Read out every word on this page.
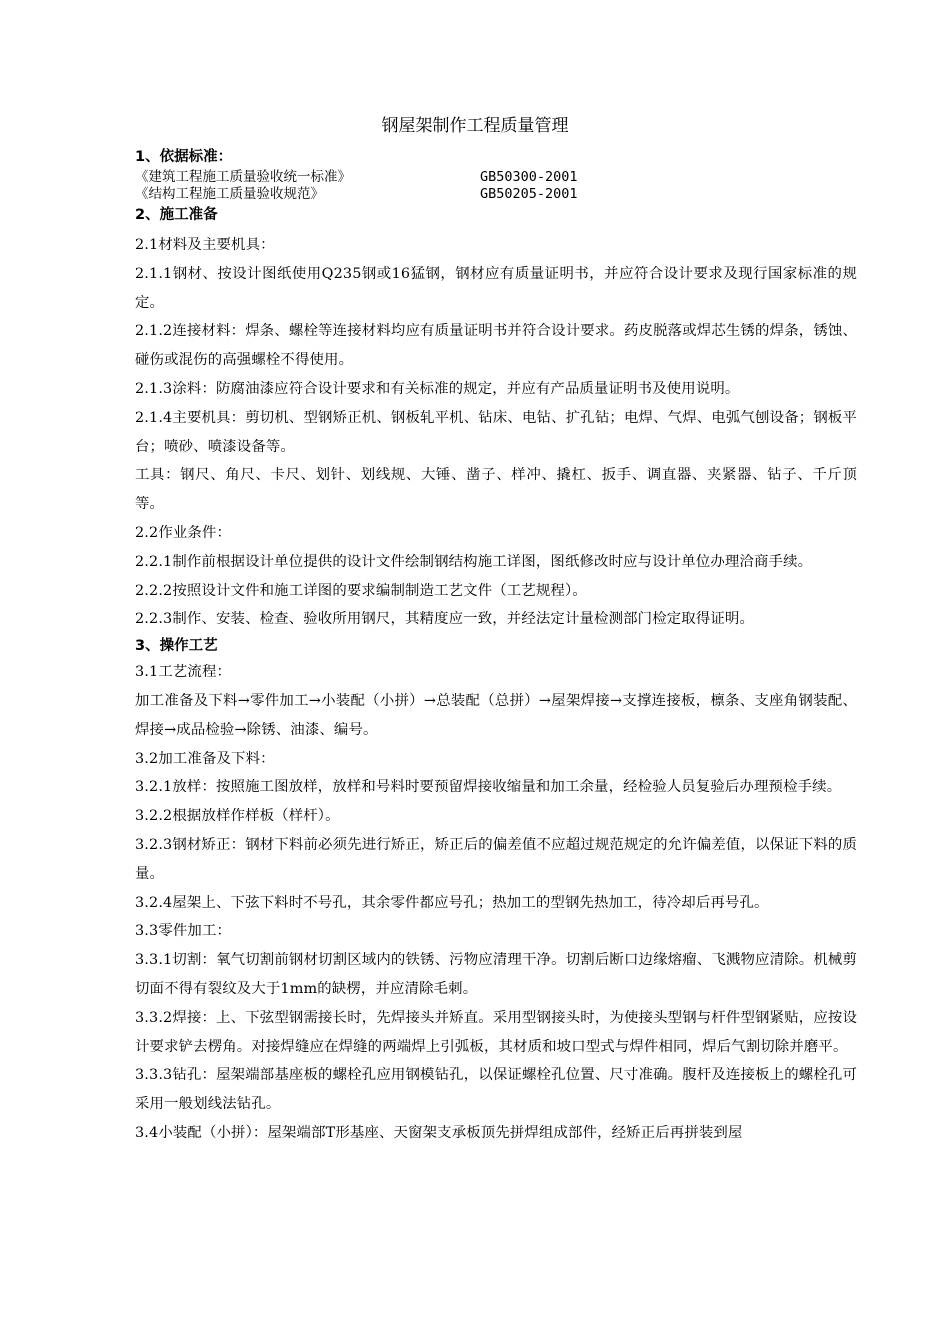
钢屋架制作工程质量管理
1、依据标准：
《建筑工程施工质量验收统一标准》	GB50300-2001
《结构工程施工质量验收规范》	GB50205-2001
2、施工准备

2.1材料及主要机具：

2.1.1钢材、按设计图纸使用Q235钢或16猛钢，钢材应有质量证明书，并应符合设计要求及现行国家标准的规定。

2.1.2连接材料：焊条、螺栓等连接材料均应有质量证明书并符合设计要求。药皮脱落或焊芯生锈的焊条，锈蚀、碰伤或混伤的高强螺栓不得使用。

2.1.3涂料：防腐油漆应符合设计要求和有关标准的规定，并应有产品质量证明书及使用说明。

2.1.4主要机具：剪切机、型钢矫正机、钢板轧平机、钻床、电钻、扩孔钻；电焊、气焊、电弧气刨设备；钢板平台；喷砂、喷漆设备等。

工具：钢尺、角尺、卡尺、划针、划线规、大锤、凿子、样冲、撬杠、扳手、调直器、夹紧器、钻子、千斤顶等。

2.2作业条件：

2.2.1制作前根据设计单位提供的设计文件绘制钢结构施工详图，图纸修改时应与设计单位办理洽商手续。

2.2.2按照设计文件和施工详图的要求编制制造工艺文件（工艺规程）。

2.2.3制作、安装、检查、验收所用钢尺，其精度应一致，并经法定计量检测部门检定取得证明。

3、操作工艺

3.1工艺流程：

加工准备及下料→零件加工→小装配（小拼）→总装配（总拼）→屋架焊接→支撑连接板，檩条、支座角钢装配、焊接→成品检验→除锈、油漆、编号。

3.2加工准备及下料：

3.2.1放样：按照施工图放样，放样和号料时要预留焊接收缩量和加工余量，经检验人员复验后办理预检手续。

3.2.2根据放样作样板（样杆）。

3.2.3钢材矫正：钢材下料前必须先进行矫正，矫正后的偏差值不应超过规范规定的允许偏差值，以保证下料的质量。

3.2.4屋架上、下弦下料时不号孔，其余零件都应号孔；热加工的型钢先热加工，待冷却后再号孔。

3.3零件加工：

3.3.1切割：氧气切割前钢材切割区域内的铁锈、污物应清理干净。切割后断口边缘熔瘤、飞溅物应清除。机械剪切面不得有裂纹及大于1mm的缺楞，并应清除毛刺。

3.3.2焊接：上、下弦型钢需接长时，先焊接头并矫直。采用型钢接头时，为使接头型钢与杆件型钢紧贴，应按设计要求铲去楞角。对接焊缝应在焊缝的两端焊上引弧板，其材质和坡口型式与焊件相同，焊后气割切除并磨平。

3.3.3钻孔：屋架端部基座板的螺栓孔应用钢模钻孔，以保证螺栓孔位置、尺寸准确。腹杆及连接板上的螺栓孔可采用一般划线法钻孔。

3.4小装配（小拼）：屋架端部T形基座、天窗架支承板顶先拼焊组成部件，经矫正后再拼装到屋
